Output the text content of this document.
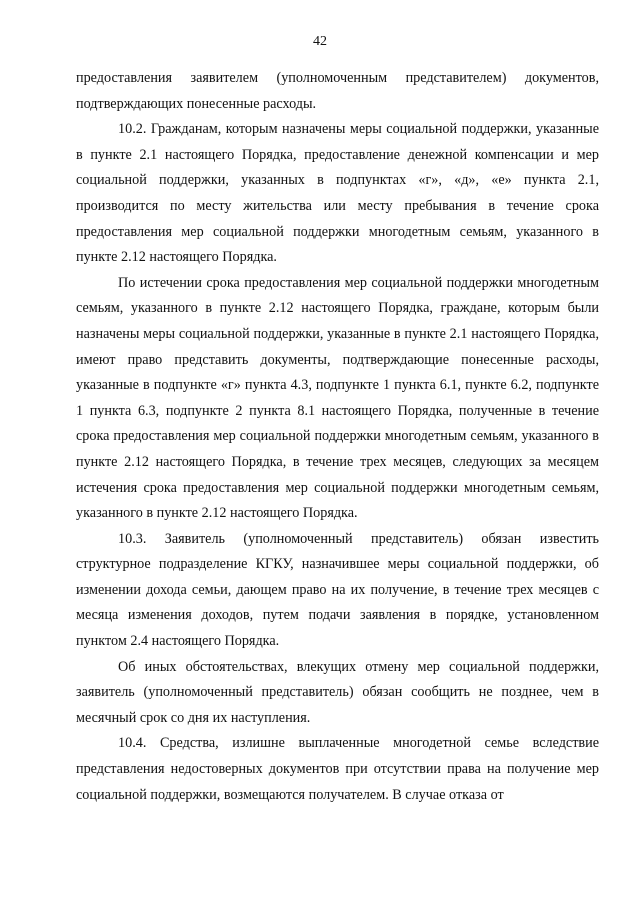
42

предоставления заявителем (уполномоченным представителем) документов, подтверждающих понесенные расходы.

10.2. Гражданам, которым назначены меры социальной поддержки, указанные в пункте 2.1 настоящего Порядка, предоставление денежной компенсации и мер социальной поддержки, указанных в подпунктах «г», «д», «е» пункта 2.1, производится по месту жительства или месту пребывания в течение срока предоставления мер социальной поддержки многодетным семьям, указанного в пункте 2.12 настоящего Порядка.

По истечении срока предоставления мер социальной поддержки многодетным семьям, указанного в пункте 2.12 настоящего Порядка, граждане, которым были назначены меры социальной поддержки, указанные в пункте 2.1 настоящего Порядка, имеют право представить документы, подтверждающие понесенные расходы, указанные в подпункте «г» пункта 4.3, подпункте 1 пункта 6.1, пункте 6.2, подпункте 1 пункта 6.3, подпункте 2 пункта 8.1 настоящего Порядка, полученные в течение срока предоставления мер социальной поддержки многодетным семьям, указанного в пункте 2.12 настоящего Порядка, в течение трех месяцев, следующих за месяцем истечения срока предоставления мер социальной поддержки многодетным семьям, указанного в пункте 2.12 настоящего Порядка.

10.3. Заявитель (уполномоченный представитель) обязан известить структурное подразделение КГКУ, назначившее меры социальной поддержки, об изменении дохода семьи, дающем право на их получение, в течение трех месяцев с месяца изменения доходов, путем подачи заявления в порядке, установленном пунктом 2.4 настоящего Порядка.

Об иных обстоятельствах, влекущих отмену мер социальной поддержки, заявитель (уполномоченный представитель) обязан сообщить не позднее, чем в месячный срок со дня их наступления.

10.4. Средства, излишне выплаченные многодетной семье вследствие представления недостоверных документов при отсутствии права на получение мер социальной поддержки, возмещаются получателем. В случае отказа от
